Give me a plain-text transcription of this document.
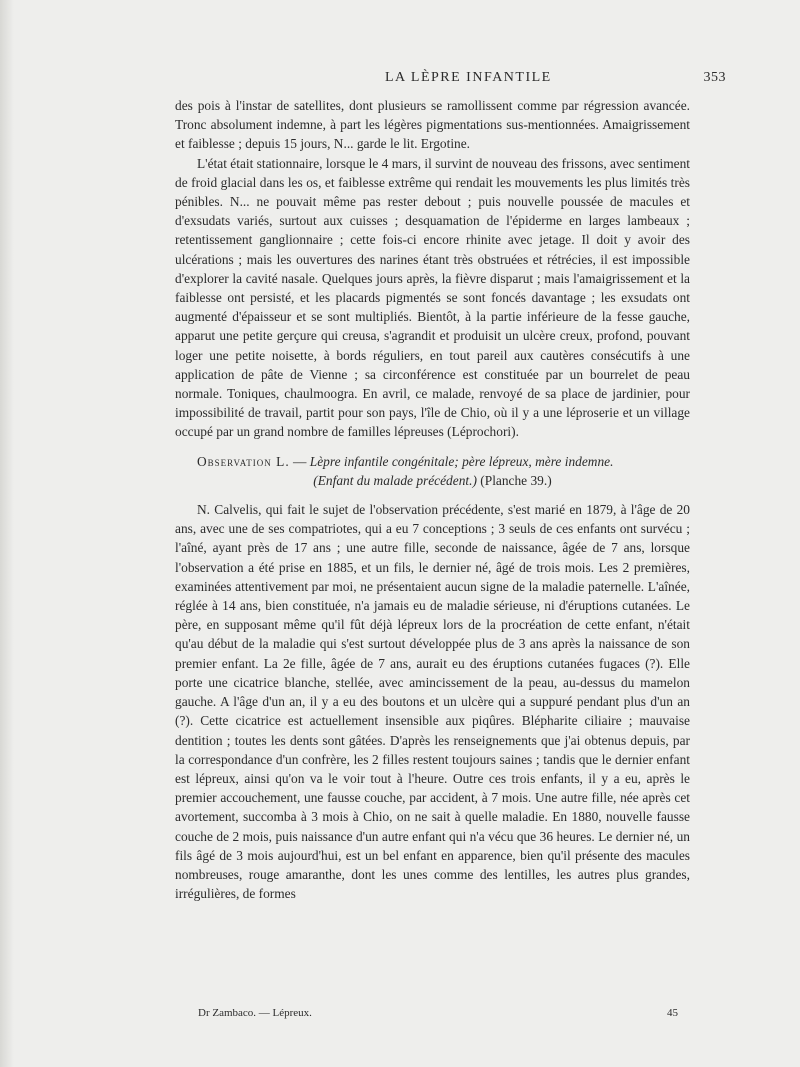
LA LÈPRE INFANTILE	353

des pois à l'instar de satellites, dont plusieurs se ramollissent comme par régression avancée. Tronc absolument indemne, à part les légères pigmentations sus-mentionnées. Amaigrissement et faiblesse ; depuis 15 jours, N... garde le lit. Ergotine.

L'état était stationnaire, lorsque le 4 mars, il survint de nouveau des frissons, avec sentiment de froid glacial dans les os, et faiblesse extrême qui rendait les mouvements les plus limités très pénibles. N... ne pouvait même pas rester debout ; puis nouvelle poussée de macules et d'exsudats variés, surtout aux cuisses ; desquamation de l'épiderme en larges lambeaux ; retentissement ganglionnaire ; cette fois-ci encore rhinite avec jetage. Il doit y avoir des ulcérations ; mais les ouvertures des narines étant très obstruées et rétrécies, il est impossible d'explorer la cavité nasale. Quelques jours après, la fièvre disparut ; mais l'amaigrissement et la faiblesse ont persisté, et les placards pigmentés se sont foncés davantage ; les exsudats ont augmenté d'épaisseur et se sont multipliés. Bientôt, à la partie inférieure de la fesse gauche, apparut une petite gerçure qui creusa, s'agrandit et produisit un ulcère creux, profond, pouvant loger une petite noisette, à bords réguliers, en tout pareil aux cautères consécutifs à une application de pâte de Vienne ; sa circonférence est constituée par un bourrelet de peau normale. Toniques, chaulmoogra. En avril, ce malade, renvoyé de sa place de jardinier, pour impossibilité de travail, partit pour son pays, l'île de Chio, où il y a une léproserie et un village occupé par un grand nombre de familles lépreuses (Léprochori).

Observation L. — Lèpre infantile congénitale; père lépreux, mère indemne.

(Enfant du malade précédent.) (Planche 39.)

N. Calvelis, qui fait le sujet de l'observation précédente, s'est marié en 1879, à l'âge de 20 ans, avec une de ses compatriotes, qui a eu 7 conceptions ; 3 seuls de ces enfants ont survécu ; l'aîné, ayant près de 17 ans ; une autre fille, seconde de naissance, âgée de 7 ans, lorsque l'observation a été prise en 1885, et un fils, le dernier né, âgé de trois mois. Les 2 premières, examinées attentivement par moi, ne présentaient aucun signe de la maladie paternelle. L'aînée, réglée à 14 ans, bien constituée, n'a jamais eu de maladie sérieuse, ni d'éruptions cutanées. Le père, en supposant même qu'il fût déjà lépreux lors de la procréation de cette enfant, n'était qu'au début de la maladie qui s'est surtout développée plus de 3 ans après la naissance de son premier enfant. La 2e fille, âgée de 7 ans, aurait eu des éruptions cutanées fugaces (?). Elle porte une cicatrice blanche, stellée, avec amincissement de la peau, au-dessus du mamelon gauche. A l'âge d'un an, il y a eu des boutons et un ulcère qui a suppuré pendant plus d'un an (?). Cette cicatrice est actuellement insensible aux piqûres. Blépharite ciliaire ; mauvaise dentition ; toutes les dents sont gâtées. D'après les renseignements que j'ai obtenus depuis, par la correspondance d'un confrère, les 2 filles restent toujours saines ; tandis que le dernier enfant est lépreux, ainsi qu'on va le voir tout à l'heure. Outre ces trois enfants, il y a eu, après le premier accouchement, une fausse couche, par accident, à 7 mois. Une autre fille, née après cet avortement, succomba à 3 mois à Chio, on ne sait à quelle maladie. En 1880, nouvelle fausse couche de 2 mois, puis naissance d'un autre enfant qui n'a vécu que 36 heures. Le dernier né, un fils âgé de 3 mois aujourd'hui, est un bel enfant en apparence, bien qu'il présente des macules nombreuses, rouge amaranthe, dont les unes comme des lentilles, les autres plus grandes, irrégulières, de formes

Dr Zambaco. — Lépreux.	45
